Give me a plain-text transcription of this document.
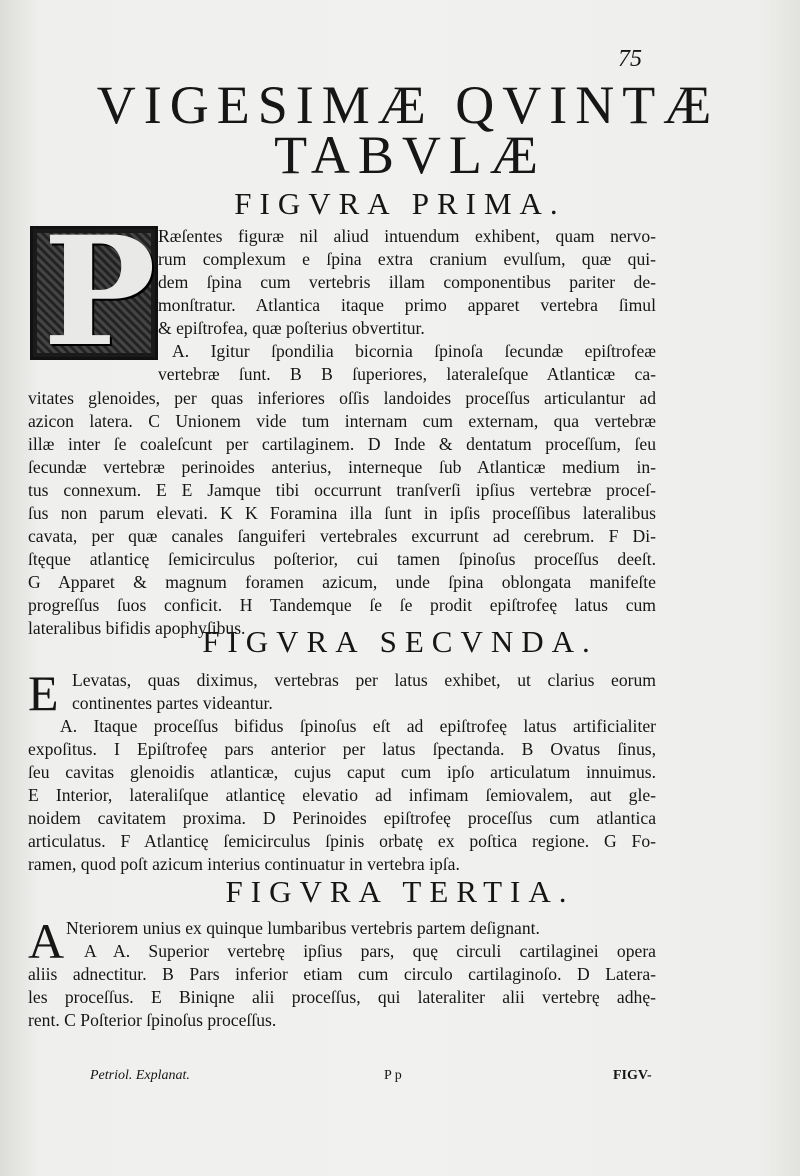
75
VIGESIMÆ QVINTÆ
TABVLÆ
FIGVRA PRIMA.
P Ræſentes figuræ nil aliud intuendum exhibent, quam nervo-
rum complexum e ſpina extra cranium evulſum, quæ qui-
dem ſpina cum vertebris illam componentibus pariter de-
monſtratur. Atlantica itaque primo apparet vertebra ſimul
& epiſtrofea, quæ poſterius obvertitur.
A. Igitur ſpondilia bicornia ſpinoſa ſecundæ epiſtrofeæ
vertebræ ſunt. B B ſuperiores, lateraleſque Atlanticæ ca-
vitates glenoides, per quas inferiores oſſis landoides proceſſus articulantur ad
azicon latera. C Unionem vide tum internam cum externam, qua vertebræ
illæ inter ſe coaleſcunt per cartilaginem. D Inde & dentatum proceſſum, ſeu
ſecundæ vertebræ perinoides anterius, interneque ſub Atlanticæ medium in-
tus connexum. E E Jamque tibi occurrunt tranſverſi ipſius vertebræ proceſ-
ſus non parum elevati. K K Foramina illa ſunt in ipſis proceſſibus lateralibus
cavata, per quæ canales ſanguiferi vertebrales excurrunt ad cerebrum. F Di-
ſtęque atlanticę ſemicirculus poſterior, cui tamen ſpinoſus proceſſus deeſt.
G Apparet & magnum foramen azicum, unde ſpina oblongata manifeſte
progreſſus ſuos conficit. H Tandemque ſe ſe prodit epiſtrofeę latus cum
lateralibus bifidis apophyſibus.
FIGVRA SECVNDA.
E Levatas, quas diximus, vertebras per latus exhibet, ut clarius eorum
continentes partes videantur.
A. Itaque proceſſus bifidus ſpinoſus eſt ad epiſtrofeę latus artificialiter
expoſitus. I Epiſtrofeę pars anterior per latus ſpectanda. B Ovatus ſinus,
ſeu cavitas glenoidis atlanticæ, cujus caput cum ipſo articulatum innuimus.
E Interior, lateraliſque atlanticę elevatio ad infimam ſemiovalem, aut gle-
noidem cavitatem proxima. D Perinoides epiſtrofeę proceſſus cum atlantica
articulatus. F Atlanticę ſemicirculus ſpinis orbatę ex poſtica regione. G Fo-
ramen, quod poſt azicum interius continuatur in vertebra ipſa.
FIGVRA TERTIA.
A Nteriorem unius ex quinque lumbaribus vertebris partem deſignant.
A A. Superior vertebrę ipſius pars, quę circuli cartilaginei opera
aliis adnectitur. B Pars inferior etiam cum circulo cartilaginoſo. D Latera-
les proceſſus. E Biniqne alii proceſſus, qui lateraliter alii vertebrę adhę-
rent. C Poſterior ſpinoſus proceſſus.
Petriol. Explanat.	P p	FIGV-
